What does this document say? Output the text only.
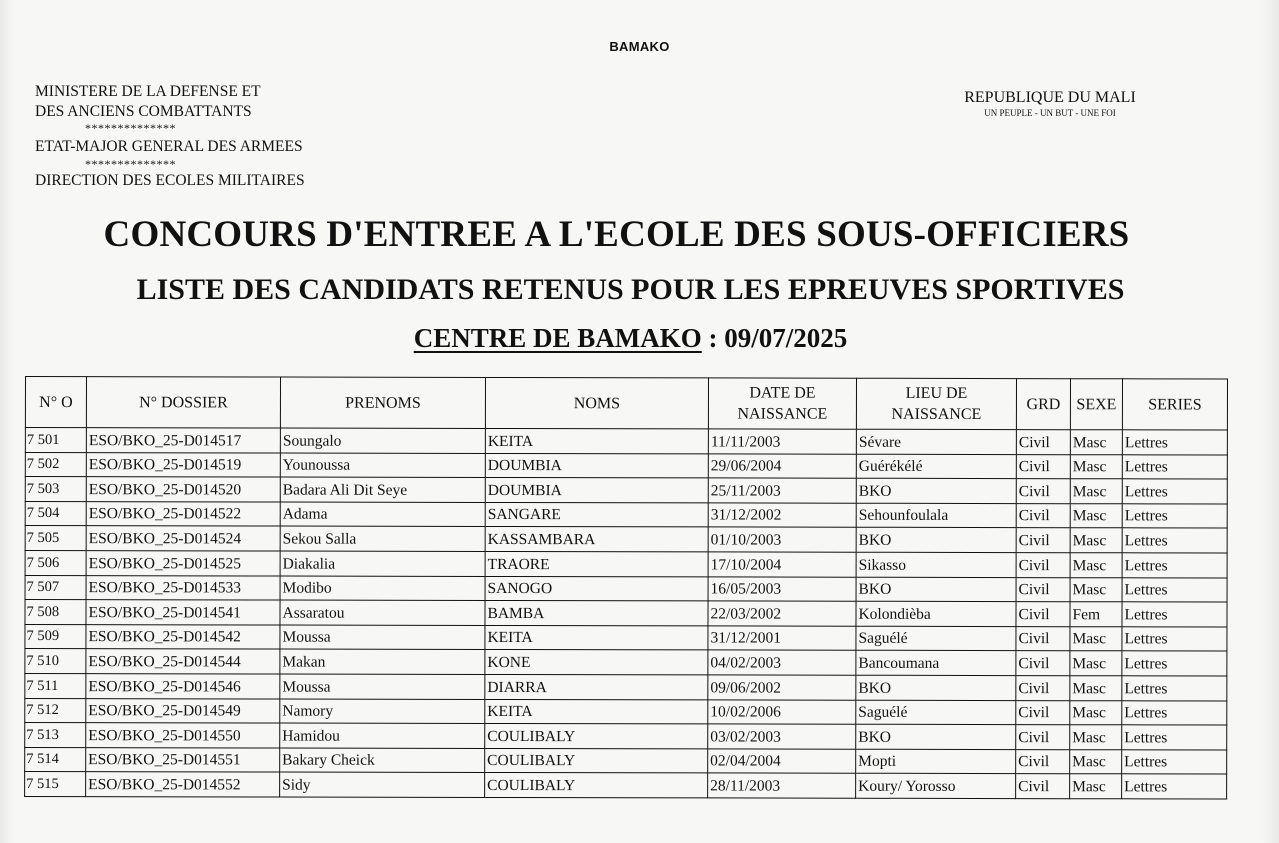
BAMAKO
MINISTERE DE LA DEFENSE ET
DES ANCIENS COMBATTANTS
**************
ETAT-MAJOR GENERAL DES ARMEES
**************
DIRECTION DES ECOLES MILITAIRES
REPUBLIQUE DU MALI
UN PEUPLE - UN BUT - UNE FOI
CONCOURS D'ENTREE A L'ECOLE DES SOUS-OFFICIERS
LISTE DES CANDIDATS RETENUS POUR LES EPREUVES SPORTIVES
CENTRE DE BAMAKO : 09/07/2025
N° O	N° DOSSIER	PRENOMS	NOMS	DATE DE NAISSANCE	LIEU DE NAISSANCE	GRD	SEXE	SERIES
7 501	ESO/BKO_25-D014517	Soungalo	KEITA	11/11/2003	Sévare	Civil	Masc	Lettres
7 502	ESO/BKO_25-D014519	Younoussa	DOUMBIA	29/06/2004	Guérékélé	Civil	Masc	Lettres
7 503	ESO/BKO_25-D014520	Badara Ali Dit Seye	DOUMBIA	25/11/2003	BKO	Civil	Masc	Lettres
7 504	ESO/BKO_25-D014522	Adama	SANGARE	31/12/2002	Sehounfoulala	Civil	Masc	Lettres
7 505	ESO/BKO_25-D014524	Sekou Salla	KASSAMBARA	01/10/2003	BKO	Civil	Masc	Lettres
7 506	ESO/BKO_25-D014525	Diakalia	TRAORE	17/10/2004	Sikasso	Civil	Masc	Lettres
7 507	ESO/BKO_25-D014533	Modibo	SANOGO	16/05/2003	BKO	Civil	Masc	Lettres
7 508	ESO/BKO_25-D014541	Assaratou	BAMBA	22/03/2002	Kolondièba	Civil	Fem	Lettres
7 509	ESO/BKO_25-D014542	Moussa	KEITA	31/12/2001	Saguélé	Civil	Masc	Lettres
7 510	ESO/BKO_25-D014544	Makan	KONE	04/02/2003	Bancoumana	Civil	Masc	Lettres
7 511	ESO/BKO_25-D014546	Moussa	DIARRA	09/06/2002	BKO	Civil	Masc	Lettres
7 512	ESO/BKO_25-D014549	Namory	KEITA	10/02/2006	Saguélé	Civil	Masc	Lettres
7 513	ESO/BKO_25-D014550	Hamidou	COULIBALY	03/02/2003	BKO	Civil	Masc	Lettres
7 514	ESO/BKO_25-D014551	Bakary Cheick	COULIBALY	02/04/2004	Mopti	Civil	Masc	Lettres
7 515	ESO/BKO_25-D014552	Sidy	COULIBALY	28/11/2003	Koury/ Yorosso	Civil	Masc	Lettres
